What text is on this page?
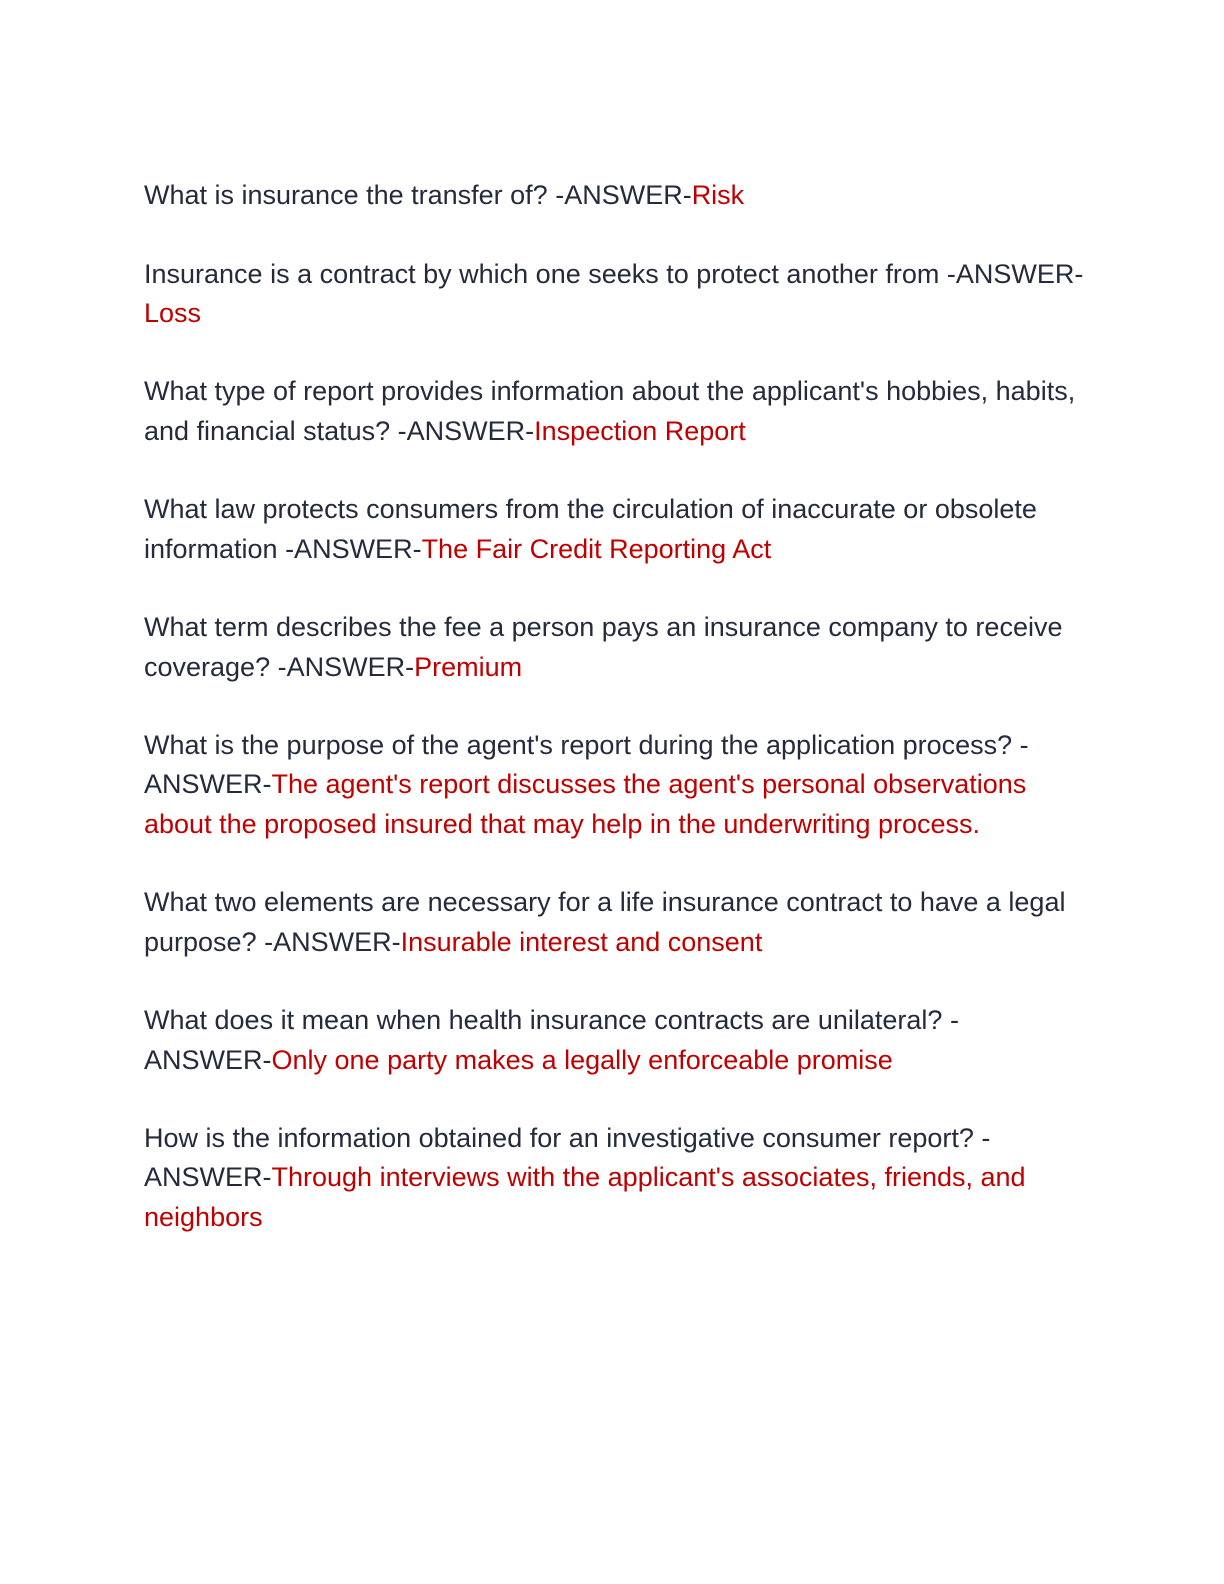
What is insurance the transfer of? -ANSWER-Risk

Insurance is a contract by which one seeks to protect another from -ANSWER-Loss

What type of report provides information about the applicant's hobbies, habits, and financial status? -ANSWER-Inspection Report

What law protects consumers from the circulation of inaccurate or obsolete information -ANSWER-The Fair Credit Reporting Act

What term describes the fee a person pays an insurance company to receive coverage? -ANSWER-Premium

What is the purpose of the agent's report during the application process? -ANSWER-The agent's report discusses the agent's personal observations about the proposed insured that may help in the underwriting process.

What two elements are necessary for a life insurance contract to have a legal purpose? -ANSWER-Insurable interest and consent

What does it mean when health insurance contracts are unilateral? -ANSWER-Only one party makes a legally enforceable promise

How is the information obtained for an investigative consumer report? -ANSWER-Through interviews with the applicant's associates, friends, and neighbors
